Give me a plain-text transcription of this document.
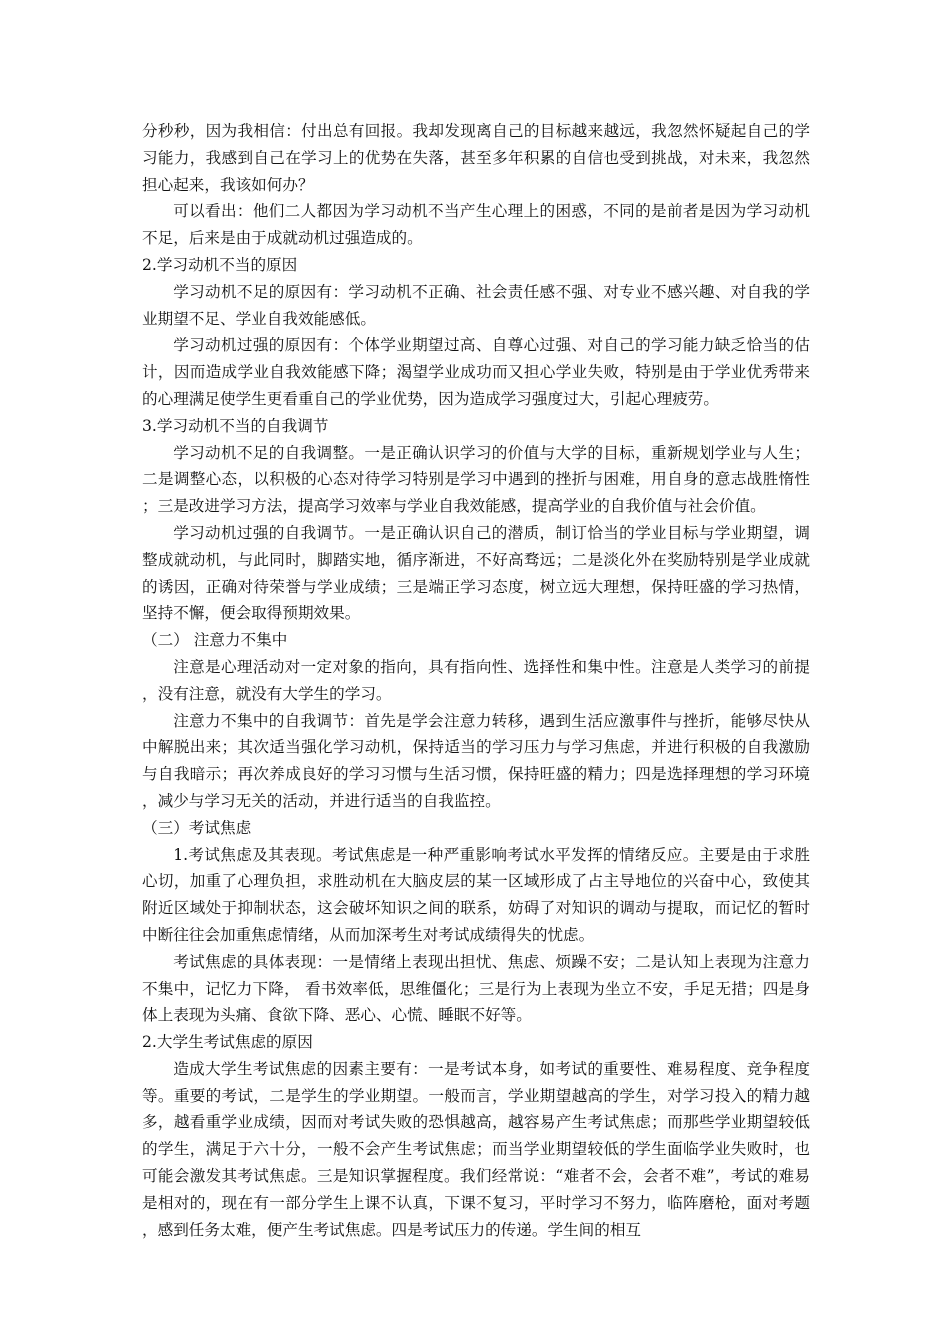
分秒秒，因为我相信：付出总有回报。我却发现离自己的目标越来越远，我忽然怀疑起自己的学习能力，我感到自己在学习上的优势在失落，甚至多年积累的自信也受到挑战，对未来，我忽然担心起来，我该如何办？

可以看出：他们二人都因为学习动机不当产生心理上的困惑，不同的是前者是因为学习动机不足，后来是由于成就动机过强造成的。

2.学习动机不当的原因

学习动机不足的原因有：学习动机不正确、社会责任感不强、对专业不感兴趣、对自我的学业期望不足、学业自我效能感低。

学习动机过强的原因有：个体学业期望过高、自尊心过强、对自己的学习能力缺乏恰当的估计，因而造成学业自我效能感下降；渴望学业成功而又担心学业失败，特别是由于学业优秀带来的心理满足使学生更看重自己的学业优势，因为造成学习强度过大，引起心理疲劳。

3.学习动机不当的自我调节

学习动机不足的自我调整。一是正确认识学习的价值与大学的目标，重新规划学业与人生；二是调整心态，以积极的心态对待学习特别是学习中遇到的挫折与困难，用自身的意志战胜惰性；三是改进学习方法，提高学习效率与学业自我效能感，提高学业的自我价值与社会价值。

学习动机过强的自我调节。一是正确认识自己的潜质，制订恰当的学业目标与学业期望，调整成就动机，与此同时，脚踏实地，循序渐进，不好高骛远；二是淡化外在奖励特别是学业成就的诱因，正确对待荣誉与学业成绩；三是端正学习态度，树立远大理想，保持旺盛的学习热情，坚持不懈，便会取得预期效果。

（二） 注意力不集中

注意是心理活动对一定对象的指向，具有指向性、选择性和集中性。注意是人类学习的前提，没有注意，就没有大学生的学习。

注意力不集中的自我调节：首先是学会注意力转移，遇到生活应激事件与挫折，能够尽快从中解脱出来；其次适当强化学习动机，保持适当的学习压力与学习焦虑，并进行积极的自我激励与自我暗示；再次养成良好的学习习惯与生活习惯，保持旺盛的精力；四是选择理想的学习环境，减少与学习无关的活动，并进行适当的自我监控。

（三）考试焦虑

1.考试焦虑及其表现。考试焦虑是一种严重影响考试水平发挥的情绪反应。主要是由于求胜心切，加重了心理负担，求胜动机在大脑皮层的某一区域形成了占主导地位的兴奋中心，致使其附近区域处于抑制状态，这会破坏知识之间的联系，妨碍了对知识的调动与提取，而记忆的暂时中断往往会加重焦虑情绪，从而加深考生对考试成绩得失的忧虑。

考试焦虑的具体表现：一是情绪上表现出担忧、焦虑、烦躁不安；二是认知上表现为注意力不集中，记忆力下降， 看书效率低，思维僵化；三是行为上表现为坐立不安，手足无措；四是身体上表现为头痛、食欲下降、恶心、心慌、睡眠不好等。

2.大学生考试焦虑的原因

造成大学生考试焦虑的因素主要有：一是考试本身，如考试的重要性、难易程度、竞争程度等。重要的考试，二是学生的学业期望。一般而言，学业期望越高的学生，对学习投入的精力越多，越看重学业成绩，因而对考试失败的恐惧越高，越容易产生考试焦虑；而那些学业期望较低的学生，满足于六十分，一般不会产生考试焦虑；而当学业期望较低的学生面临学业失败时，也可能会激发其考试焦虑。三是知识掌握程度。我们经常说：“难者不会，会者不难”，考试的难易是相对的，现在有一部分学生上课不认真，下课不复习，平时学习不努力，临阵磨枪，面对考题，感到任务太难，便产生考试焦虑。四是考试压力的传递。学生间的相互
